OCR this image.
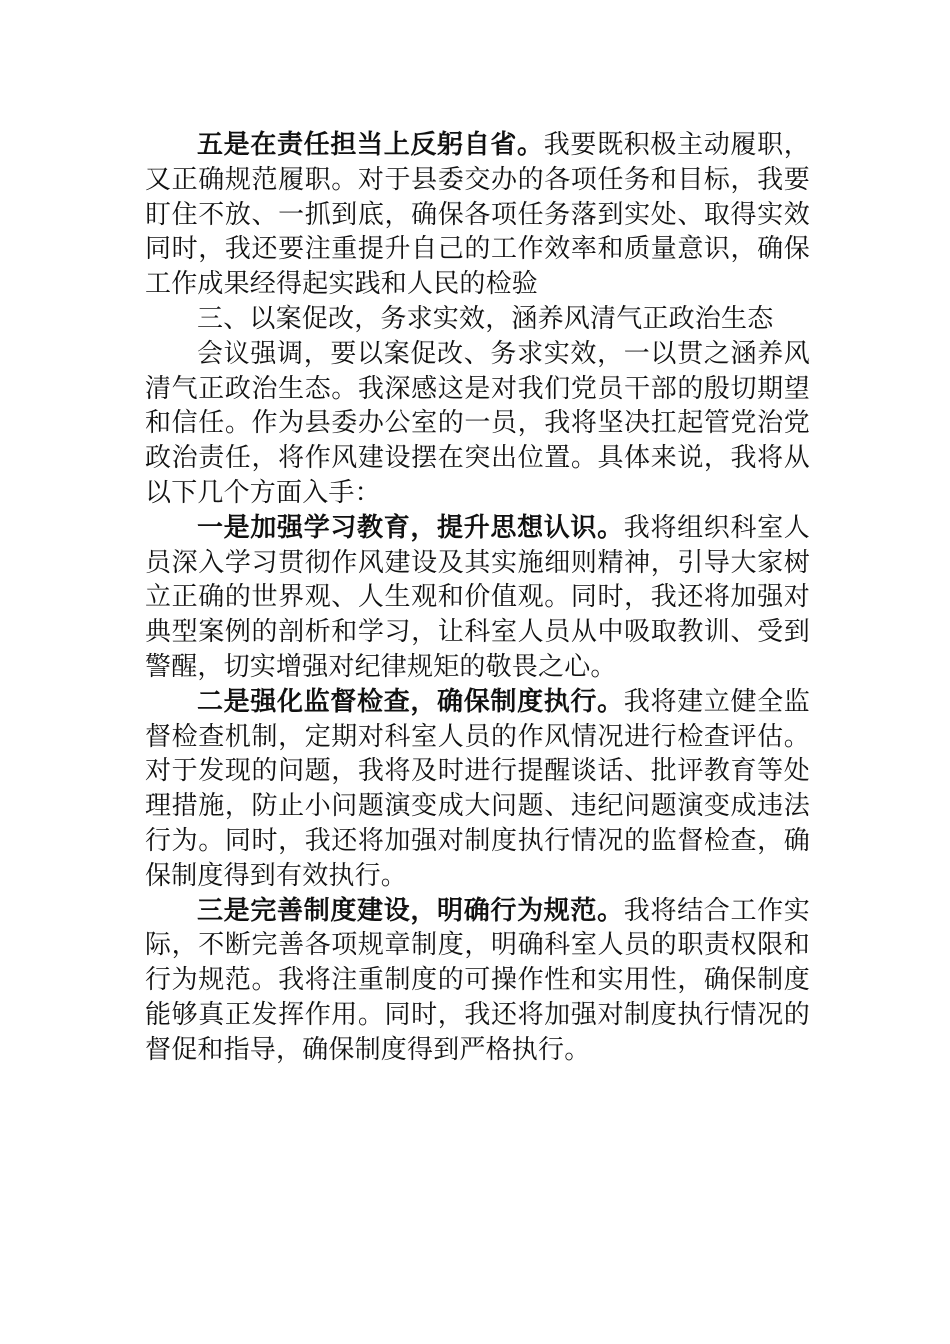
五是在责任担当上反躬自省。我要既积极主动履职，又正确规范履职。对于县委交办的各项任务和目标，我要盯住不放、一抓到底，确保各项任务落到实处、取得实效同时，我还要注重提升自己的工作效率和质量意识，确保工作成果经得起实践和人民的检验

三、以案促改，务求实效，涵养风清气正政治生态

会议强调，要以案促改、务求实效，一以贯之涵养风清气正政治生态。我深感这是对我们党员干部的殷切期望和信任。作为县委办公室的一员，我将坚决扛起管党治党政治责任，将作风建设摆在突出位置。具体来说，我将从以下几个方面入手：

一是加强学习教育，提升思想认识。我将组织科室人员深入学习贯彻作风建设及其实施细则精神，引导大家树立正确的世界观、人生观和价值观。同时，我还将加强对典型案例的剖析和学习，让科室人员从中吸取教训、受到警醒，切实增强对纪律规矩的敬畏之心。

二是强化监督检查，确保制度执行。我将建立健全监督检查机制，定期对科室人员的作风情况进行检查评估。对于发现的问题，我将及时进行提醒谈话、批评教育等处理措施，防止小问题演变成大问题、违纪问题演变成违法行为。同时，我还将加强对制度执行情况的监督检查，确保制度得到有效执行。

三是完善制度建设，明确行为规范。我将结合工作实际，不断完善各项规章制度，明确科室人员的职责权限和行为规范。我将注重制度的可操作性和实用性，确保制度能够真正发挥作用。同时，我还将加强对制度执行情况的督促和指导，确保制度得到严格执行。
